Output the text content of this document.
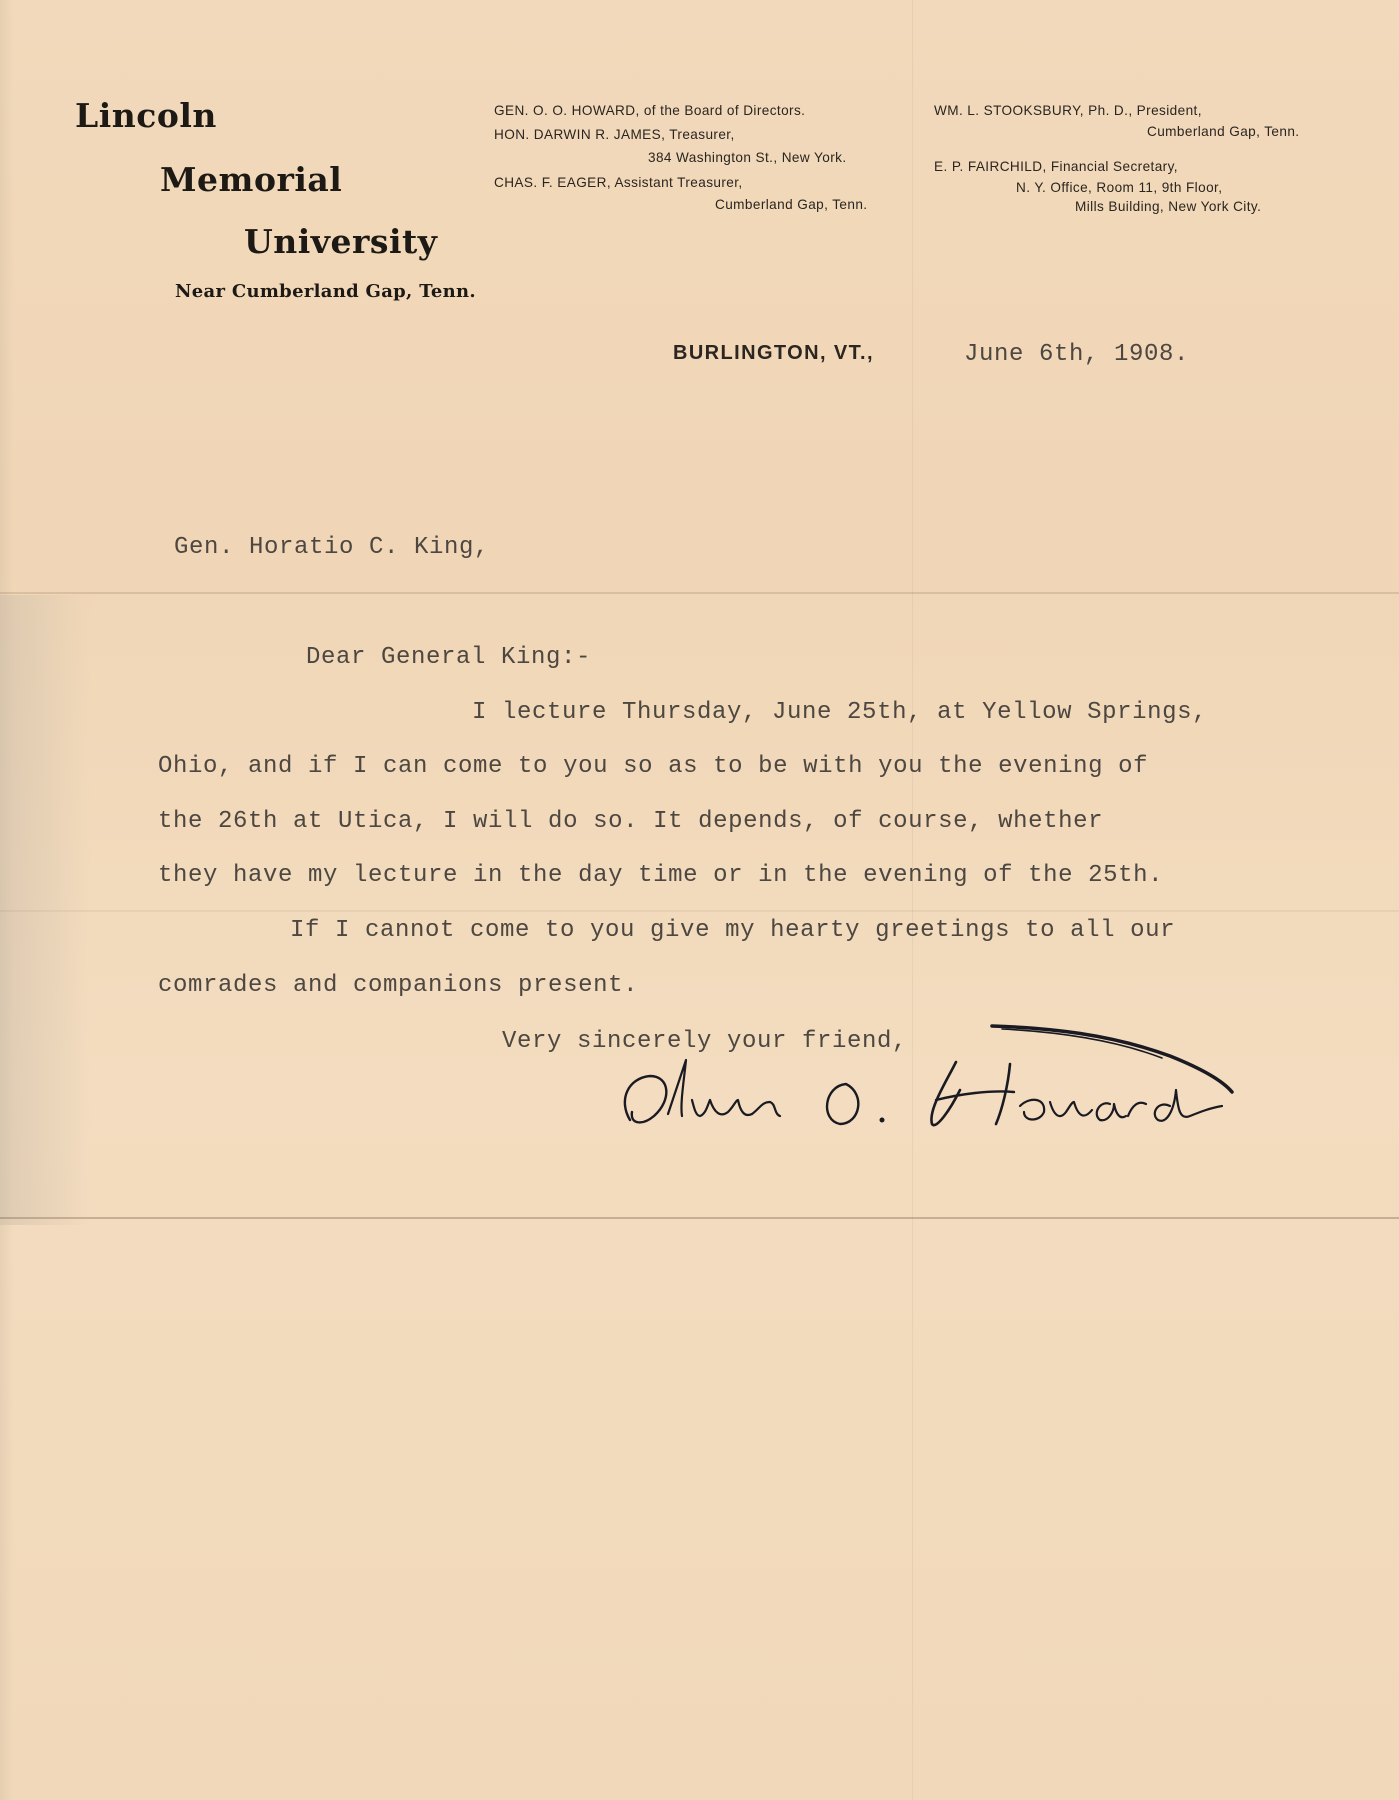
Lincoln
Memorial
University
Near Cumberland Gap, Tenn.
GEN. O. O. HOWARD, of the Board of Directors.
HON. DARWIN R. JAMES, Treasurer,
384 Washington St., New York.
CHAS. F. EAGER, Assistant Treasurer,
Cumberland Gap, Tenn.
WM. L. STOOKSBURY, Ph. D., President,
Cumberland Gap, Tenn.
E. P. FAIRCHILD, Financial Secretary,
N. Y. Office, Room 11, 9th Floor,
Mills Building, New York City.
BURLINGTON, VT.,	June 6th, 1908.
Gen. Horatio C. King,
Dear General King:-
I lecture Thursday, June 25th, at Yellow Springs,
Ohio, and if I can come to you so as to be with you the evening of
the 26th at Utica, I will do so. It depends, of course, whether
they have my lecture in the day time or in the evening of the 25th.
If I cannot come to you give my hearty greetings to all our
comrades and companions present.
Very sincerely your friend,
